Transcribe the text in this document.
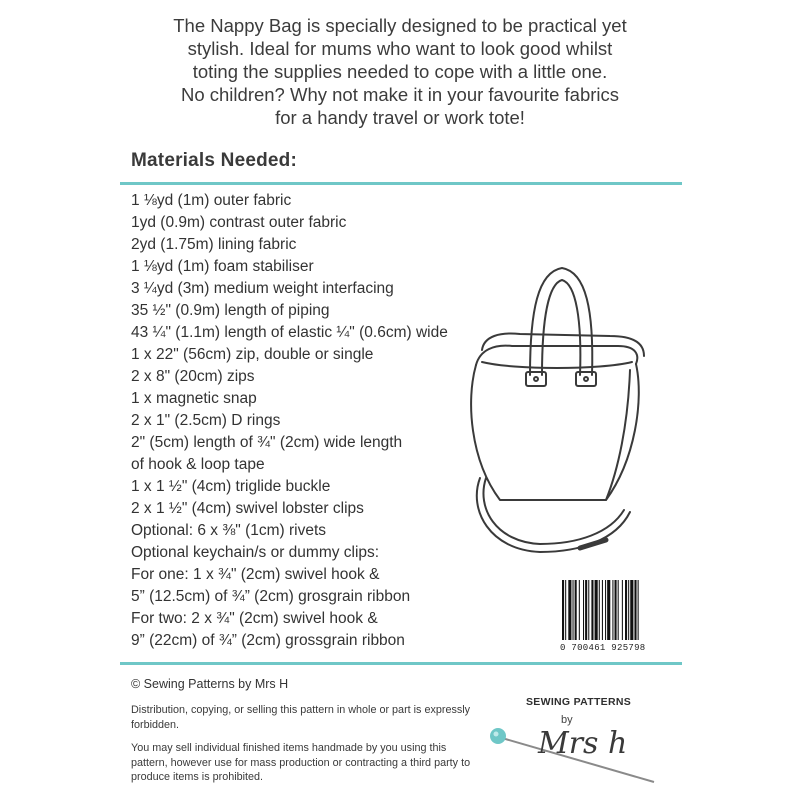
The Nappy Bag is specially designed to be practical yet

stylish. Ideal for mums who want to look good whilst

toting the supplies needed to cope with a little one.

No children? Why not make it in your favourite fabrics

for a handy travel or work tote!

Materials Needed:
1 ⅛yd (1m) outer fabric
1yd (0.9m) contrast outer fabric
2yd (1.75m) lining fabric
1 ⅛yd (1m) foam stabiliser
3 ¼yd (3m) medium weight interfacing
35 ½" (0.9m) length of piping
43 ¼" (1.1m) length of elastic ¼" (0.6cm) wide
1 x 22" (56cm) zip, double or single
2 x 8" (20cm) zips
1 x magnetic snap
2 x 1" (2.5cm) D rings
2" (5cm) length of ¾" (2cm) wide length
of hook & loop tape
1 x 1 ½" (4cm) triglide buckle
2 x 1 ½" (4cm) swivel lobster clips
Optional: 6 x ⅜" (1cm) rivets
Optional keychain/s or dummy clips:
For one: 1 x ¾" (2cm) swivel hook &
5” (12.5cm) of ¾” (2cm) grosgrain ribbon
For two: 2 x ¾" (2cm) swivel hook &
9” (22cm) of ¾” (2cm) grossgrain ribbon	0 700461 925798
© Sewing Patterns by Mrs H

Distribution, copying, or selling this pattern in whole or part is expressly forbidden.

You may sell individual finished items handmade by you using this pattern, however use for mass production or contracting a third party to produce items is prohibited.

SEWING PATTERNS
by
Mrs h
